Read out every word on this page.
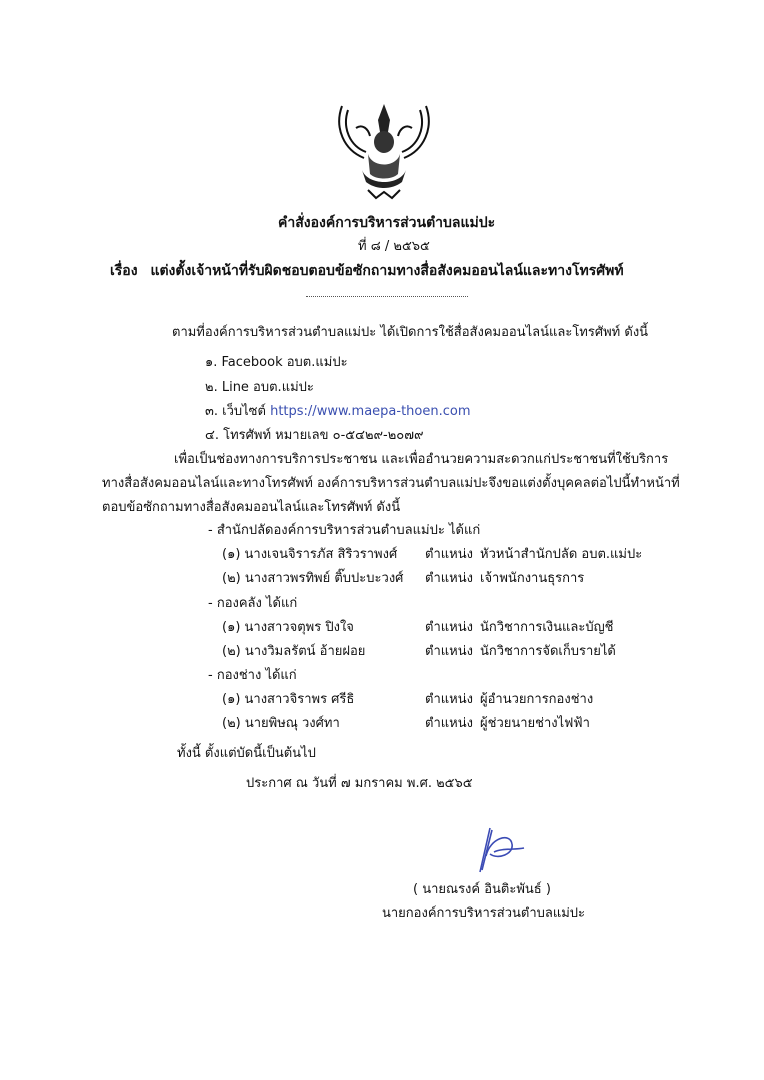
คำสั่งองค์การบริหารส่วนตำบลแม่ปะ
ที่ ๘ / ๒๕๖๕
เรื่อง แต่งตั้งเจ้าหน้าที่รับผิดชอบตอบข้อซักถามทางสื่อสังคมออนไลน์และทางโทรศัพท์
ตามที่องค์การบริหารส่วนตำบลแม่ปะ ได้เปิดการใช้สื่อสังคมออนไลน์และโทรศัพท์ ดังนี้
๑. Facebook อบต.แม่ปะ
๒. Line อบต.แม่ปะ
๓. เว็บไซต์ https://www.maepa-thoen.com
๔. โทรศัพท์ หมายเลข ๐-๕๔๒๙-๒๐๗๙
เพื่อเป็นช่องทางการบริการประชาชน และเพื่ออำนวยความสะดวกแก่ประชาชนที่ใช้บริการ
ทางสื่อสังคมออนไลน์และทางโทรศัพท์ องค์การบริหารส่วนตำบลแม่ปะจึงขอแต่งตั้งบุคคลต่อไปนี้ทำหน้าที่
ตอบข้อซักถามทางสื่อสังคมออนไลน์และโทรศัพท์ ดังนี้
- สำนักปลัดองค์การบริหารส่วนตำบลแม่ปะ ได้แก่
(๑) นางเจนจิรารภัส สิริวราพงศ์ ตำแหน่ง หัวหน้าสำนักปลัด อบต.แม่ปะ
(๒) นางสาวพรทิพย์ ติ๊บปะบะวงศ์ ตำแหน่ง เจ้าพนักงานธุรการ
- กองคลัง ได้แก่
(๑) นางสาวจตุพร ปิงใจ	ตำแหน่ง นักวิชาการเงินและบัญชี
(๒) นางวิมลรัตน์ อ้ายฝอย	ตำแหน่ง นักวิชาการจัดเก็บรายได้
- กองช่าง ได้แก่
(๑) นางสาวจิราพร ศรีธิ	ตำแหน่ง ผู้อำนวยการกองช่าง
(๒) นายพิษณุ วงศ์ทา	ตำแหน่ง ผู้ช่วยนายช่างไฟฟ้า
ทั้งนี้ ตั้งแต่บัดนี้เป็นต้นไป
ประกาศ ณ วันที่ ๗ มกราคม พ.ศ. ๒๕๖๕
( นายณรงค์ อินติะพันธ์ )
นายกองค์การบริหารส่วนตำบลแม่ปะ
